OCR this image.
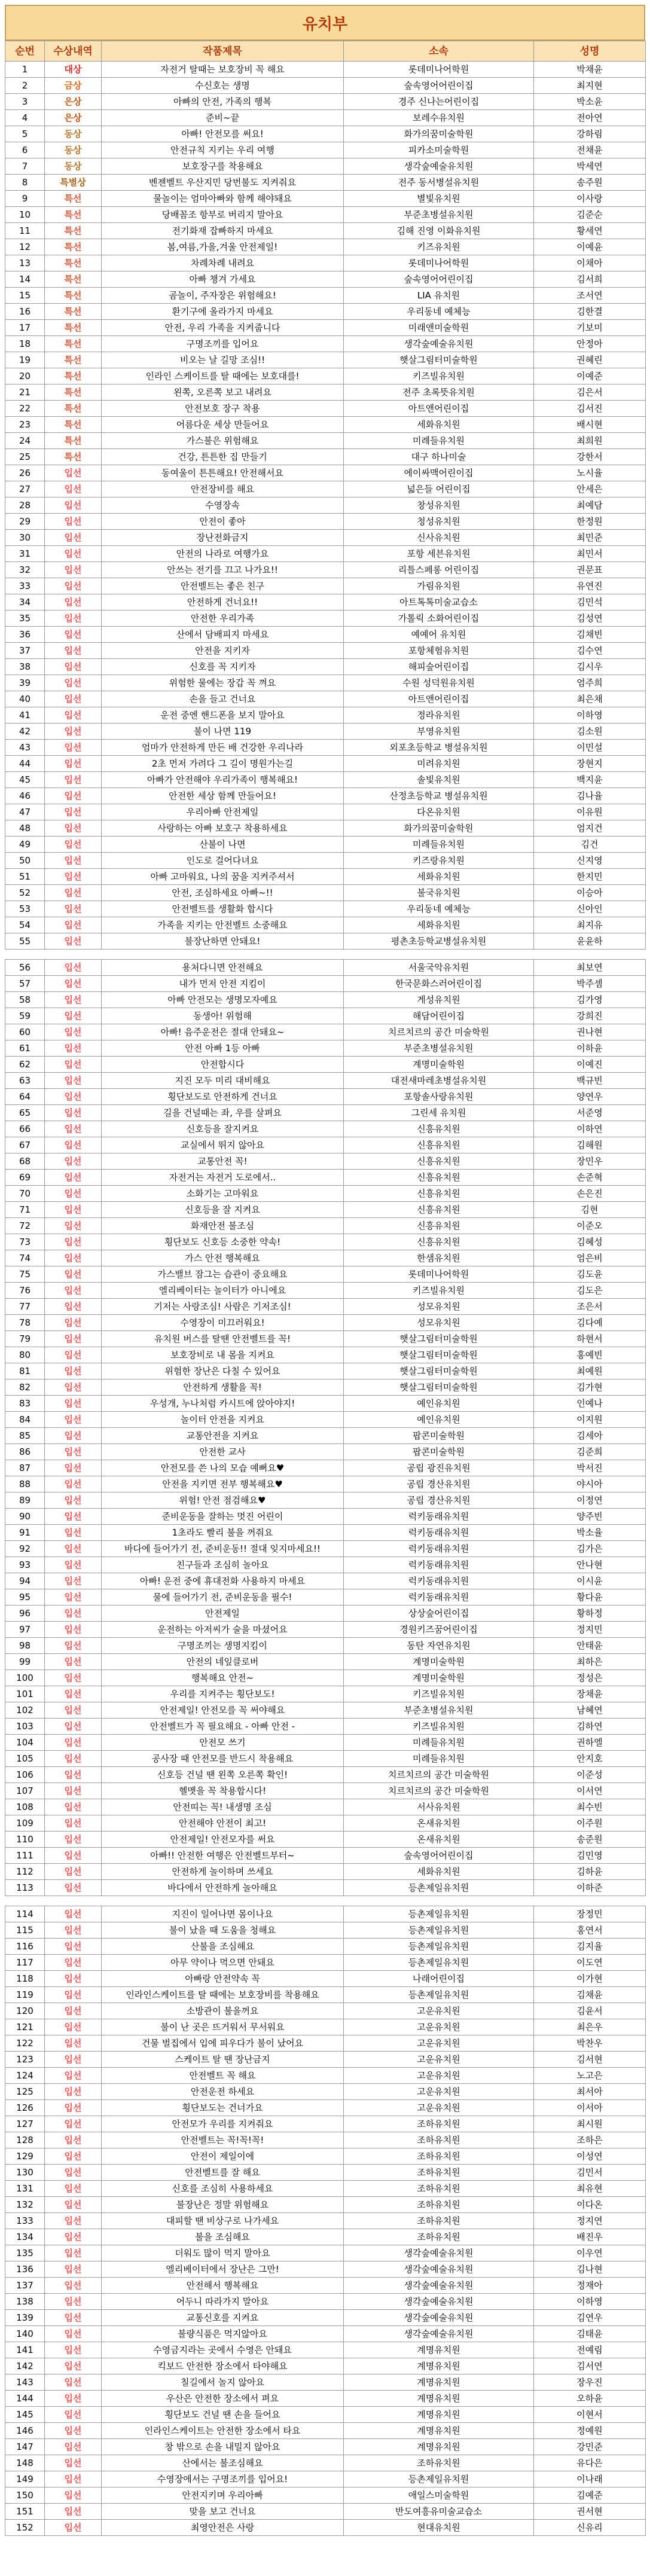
유치부
순번	수상내역	작품제목	소속	성명
1	대상	자전거 탈때는 보호장비 꼭 해요	롯데미나어학원	박채윤
2	금상	수신호는 생명	숲속영어어린이집	최지현
3	은상	아빠의 안전, 가족의 행복	경주 신나는어린이집	박소윤
4	은상	준비~끝	보레수유치원	전아연
5	동상	아빠! 안전모를 써요!	화가의꿈미술학원	강하림
6	동상	안전규칙 지키는 우리 여행	피카소미술학원	전채윤
7	동상	보호장구를 착용해요	생각숲예술유치원	박세연
8	특별상	벤젠벨트 우산지민 당번불도 지켜줘요	전주 동서병설유치원	송주원
9	특선	물놀이는 엄마아빠와 함께 해야돼요	별빛유치원	이사랑
10	특선	당배꼼조 항부로 버리지 말아요	부준초병설유치원	김준순
11	특선	전기화재 잡빠하지 마세요	김해 진영 이화유치원	황세연
12	특선	봄,여름,가을,겨울 안전제일!	키즈유치원	이예윤
13	특선	차례차례 내려요	롯데미나어학원	이채아
14	특선	아빠 챙겨 가세요	숲속영어어린이집	김서희
15	특선	곰놀이, 주자장은 위험해요!	LIA 유치원	조서연
16	특선	환기구에 올라가지 마세요	우리동네 예체능	김한결
17	특선	안전, 우리 가족을 지켜줍니다	미래앤미술학원	기보미
18	특선	구명조끼를 입어요	생각숲예술유치원	안정아
19	특선	비오는 날 길망 조심!!	햇살그림터미술학원	권혜린
20	특선	인라인 스케이트를 탈 때에는 보호대를!	키즈빌유치원	이예준
21	특선	왼쪽, 오른쪽 보고 내려요	전주 초록뜻유치원	김은서
22	특선	안전보호 장구 착용	아트앤어린이집	김서진
23	특선	어름다운 세상 만들어요	세화유치원	배시현
24	특선	가스불은 위험해요	미례들유치원	최희원
25	특선	건강, 튼튼한 집 만들기	대구 하나미술	강한서
26	입선	동여울이 튼튼해요! 안전해서요	에이싸맥어린이집	노시율
27	입선	안전장비를 해요	넓은들 어린이집	안세은
28	입선	수영장속	창성유치원	최예담
29	입선	안전이 좋아	청성유치원	한정원
30	입선	장난전화금지	신사유치원	최민준
31	입선	안전의 나라로 여행가요	포항 세븐유치원	최민서
32	입선	안쓰는 전기를 끄고 나가요!!	리틀스페롱 어린이집	권문표
33	입선	안전벨트는 좋은 친구	가림유치원	유연진
34	입선	안전하게 건너요!!	아트톡톡미술교습소	김민석
35	입선	안전한 우리가족	가톨릭 소화어린이집	김성연
36	입선	산에서 담배피지 마세요	예예어 유치원	김채빈
37	입선	안전을 지키자	포항체험유치원	김수연
38	입선	신호를 꼭 지키자	해피숲어린이집	김시우
39	입선	위험한 물에는 장갑 꼭 껴요	수원 성덕원유치원	엄주희
40	입선	손을 들고 건너요	아트앤어린이집	최은채
41	입선	운전 중엔 핸드폰을 보지 말아요	정라유치원	이하영
42	입선	불이 나면 119	부영유치원	김소원
43	입선	엄마가 안전하게 만든 배 건강한 우리나라	외포초등학교 병설유치원	이민설
44	입선	2초 먼저 가려다 그 길이 명원가는길	미려유치원	장현지
45	입선	아빠가 안전해야 우리가족이 행복해요!	솔빛유치원	백지윤
46	입선	안전한 세상 함께 만들어요!	산정초등학교 병설유치원	김나율
47	입선	우리아빠 안전제일	다온유치원	이유원
48	입선	사랑하는 아빠 보호구 착용하세요	화가의꿈미술학원	엄지건
49	입선	산불이 나면	미례들유치원	김건
50	입선	인도로 걸어다녀요	키즈랑유치원	신지영
51	입선	아빠 고마워요, 나의 꿈을 지켜주셔서	세화유치원	한지민
52	입선	안전, 조심하세요 아빠~!!	불국유치원	이승아
53	입선	안전벨트를 생활화 합시다	우리동네 예체능	신아인
54	입선	가족을 지키는 안전벨트 소중해요	세화유치원	최지유
55	입선	불장난하면 안돼요!	평촌초등학교병설유치원	윤윤하

56	입선	용처다니면 안전해요	서울국악유치원	최보연
57	입선	내가 먼저 안전 지킴이	한국문화스러어린이집	박주셈
58	입선	아빠 안전모는 생명모자예요	게성유치원	김가영
59	입선	동생아! 위험해	해담어린이집	강희진
60	입선	아빠! 음주운전은 절대 안돼요~	치르치르의 공간 미술학원	권나현
61	입선	안전 아빠 1등 아빠	부준초병설유치원	이하윤
62	입선	안전합시다	계명미술학원	이예진
63	입선	지진 모두 미리 대비해요	대전새마레초병설유치원	백규빈
64	입선	횡단보도로 안전하게 건너요	포항솔사랑유치원	양연우
65	입선	길을 건널때는 좌, 우를 살펴요	그린세 유치원	서준영
66	입선	신호등을 잘지켜요	신흥유치원	이하연
67	입선	교실에서 뛰지 않아요	신흥유치원	김해원
68	입선	교통안전 꼭!	신흥유치원	장민우
69	입선	자전거는 자전거 도로에서..	신흥유치원	손준혁
70	입선	소화기는 고마워요	신흥유치원	손은진
71	입선	신호등을 잘 지켜요	신흥유치원	김현
72	입선	화재안전 불조심	신흥유치원	이준오
73	입선	횡단보도 신호등 소중한 약속!	신흥유치원	김혜성
74	입선	가스 안전 행복해요	한샘유치원	엄은비
75	입선	가스밸브 잠그는 습관이 중요해요	롯데미나어학원	김도윤
76	입선	엘리베이터는 놀이터가 아니에요	키즈빌유치원	김도은
77	입선	기저는 사랑조심! 사람은 기저조심!	성모유치원	조은서
78	입선	수영장이 미끄러워요!	성모유치원	김다예
79	입선	유치원 버스를 탈땐 안전벨트를 꼭!	햇살그림터미술학원	하현서
80	입선	보호장비로 내 몸을 지켜요	햇살그림터미술학원	홍예빈
81	입선	위험한 장난은 다칠 수 있어요	햇살그림터미술학원	최예원
82	입선	안전하게 생활을 꼭!	햇살그림터미술학원	김가현
83	입선	우성개, 누나처럼 카시트에 앉아야지!	예인유치원	인예나
84	입선	놀이터 안전을 지켜요	예인유치원	이지원
85	입선	교통안전을 지켜요	팝콘미술학원	김세아
86	입선	안전한 교사	팝콘미술학원	김준희
87	입선	안전모를 쓴 나의 모습 예뻐요♥	공립 광진유치원	박서진
88	입선	안전을 지키면 전부 행복해요♥	공립 경산유치원	야시아
89	입선	위험! 안전 점검해요♥	공립 경산유치원	이정연
90	입선	준비운동을 잘하는 멋진 어린이	럭키동래유치원	양주빈
91	입선	1초라도 빨리 불을 꺼줘요	럭키동래유치원	박소율
92	입선	바다에 들어가기 전, 준비운동!! 절대 잊지마세요!!	럭키동래유치원	김가은
93	입선	친구들과 조심히 놀아요	럭키동래유치원	안나현
94	입선	아빠! 운전 중에 휴대전화 사용하지 마세요	럭키동래유치원	이시윤
95	입선	물에 들어가기 전, 준비운동을 필수!	럭키동래유치원	황다윤
96	입선	안전제일	상상숲어린이집	황하정
97	입선	운전하는 아저씨가 술을 마셨어요	경원키즈꿈어린이집	정지민
98	입선	구명조끼는 생명지킴이	동탄 자연유치원	안태윤
99	입선	안전의 네잎클로버	계명미술학원	최하은
100	입선	행복해요 안전~	계명미술학원	정성은
101	입선	우리를 지켜주는 횡단보도!	키즈빌유치원	장채윤
102	입선	안전제일! 안전모를 꼭 써야해요	부준초병설유치원	남혜연
103	입선	안전벨트가 꼭 필요해요 - 아빠 안전 -	키즈빌유치원	김하연
104	입선	안전모 쓰기	미례들유치원	권하엘
105	입선	공사장 때 안전모를 반드시 착용해요	미례들유치원	안지호
106	입선	신호등 건널 땐 왼쪽 오른쪽 확인!	치르치르의 공간 미술학원	이준성
107	입선	헬멧을 꼭 착용합시다!	치르치르의 공간 미술학원	이서연
108	입선	안전띠는 꼭! 내생명 조심	서사유치원	최수빈
109	입선	안전해야 안전이 최고!	온새유치원	이주원
110	입선	안전제일! 안전모자를 써요	온새유치원	송준원
111	입선	아빠!! 안전한 여행은 안전벨트부터~	숲속영어어린이집	김민영
112	입선	안전하게 놀이하며 쓰세요	세화유치원	김하윤
113	입선	바다에서 안전하게 놀아해요	등촌제일유치원	이하준

114	입선	지진이 일어나면 몸이나요	등촌제일유치원	장정민
115	입선	불이 났을 때 도움을 청해요	등촌제일유치원	홍연서
116	입선	산불을 조심해요	등촌제일유치원	김지율
117	입선	아무 약이나 먹으면 안돼요	등촌제일유치원	이도연
118	입선	아빠랑 안전약속 꼭	나래어린이집	이가현
119	입선	인라인스케이트를 탈 때에는 보호장비를 착용해요	등촌제일유치원	김채윤
120	입선	소방관이 불을꺼요	고운유치원	김윤서
121	입선	불이 난 곳은 뜨거워서 무서워요	고운유치원	최은우
122	입선	건물 벌집에서 입에 피우다가 불이 났어요	고운유치원	박찬우
123	입선	스케이트 탈 땐 장난금지	고운유치원	김서현
124	입선	안전벨트 꼭 해요	고운유치원	노고은
125	입선	안전운전 하세요	고운유치원	최서아
126	입선	횡단보도는 건너가요	고운유치원	이서아
127	입선	안전모가 우리를 지켜줘요	조하유치원	최시원
128	입선	안전벨트는 꼭!꼭!꼭!	조하유치원	조하은
129	입선	안전이 제일이에	조하유치원	이성연
130	입선	안전벨트를 잘 해요	조하유치원	김민서
131	입선	신호를 조심히 사용하세요	조하유치원	최유현
132	입선	불장난은 정말 위험해요	조하유치원	이다온
133	입선	대피할 땐 비상구로 나가세요	조하유치원	정지연
134	입선	불을 조심해요	조하유치원	배진우
135	입선	더워도 많이 먹지 말아요	생각숲예술유치원	이우연
136	입선	엘리베이터에서 장난은 그만!	생각숲예술유치원	김나현
137	입선	안전해서 행복해요	생각숲예술유치원	정재아
138	입선	어두니 따라가지 말아요	생각숲예술유치원	이하영
139	입선	교통신호를 지켜요	생각숲예술유치원	김연우
140	입선	불량식품은 먹지않아요	생각숲예술유치원	김태윤
141	입선	수영금지라는 곳에서 수영은 안돼요	계명유치원	전예림
142	입선	킥보드 안전한 장소에서 타야해요	계명유치원	김서연
143	입선	칠길에서 놀지 않아요	계명유치원	장우진
144	입선	우산은 안전한 장소에서 펴요	계명유치원	오하윤
145	입선	횡단보도 건널 땐 손을 들어요	계명유치원	이현서
146	입선	인라인스케이트는 안전한 장소에서 타요	계명유치원	정예원
147	입선	창 밖으로 손을 내밀지 않아요	계명유치원	강민준
148	입선	산에서는 불조심해요	조하유치원	유다은
149	입선	수영장에서는 구명조끼를 입어요!	등촌제일유치원	이나래
150	입선	안전지키며 우리아빠	애일스미술학원	김예준
151	입선	맞을 보고 건너요	반도여흥유미술교습소	권서현
152	입선	최영안전은 사랑	현대유치원	신유리
